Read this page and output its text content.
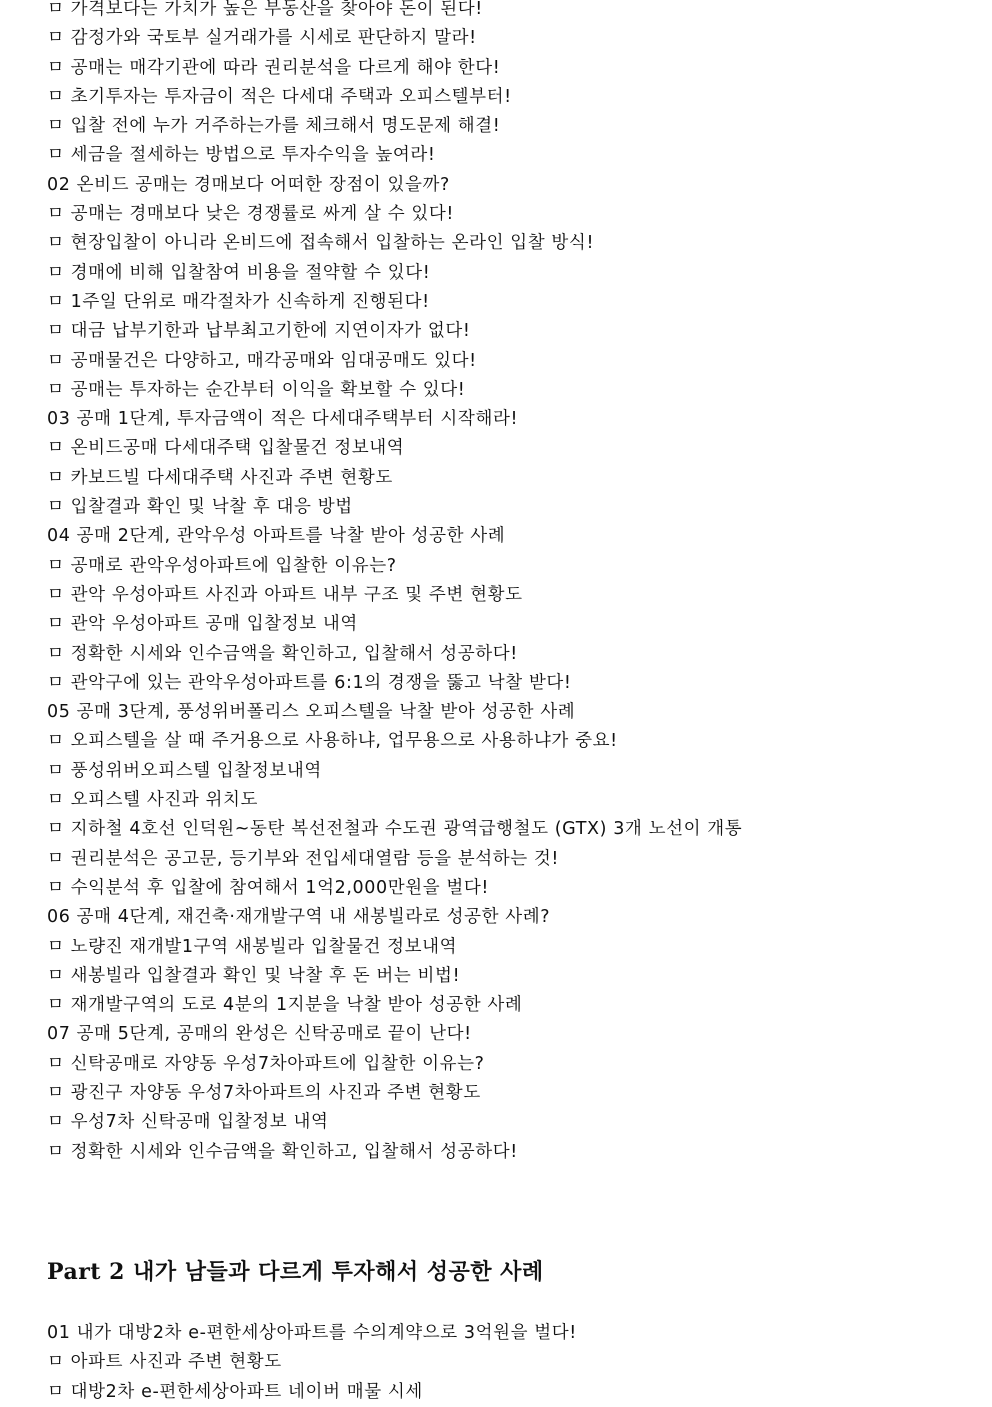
ㅁ 가격보다는 가치가 높은 부동산을 찾아야 돈이 된다!
ㅁ 감정가와 국토부 실거래가를 시세로 판단하지 말라!
ㅁ 공매는 매각기관에 따라 권리분석을 다르게 해야 한다!
ㅁ 초기투자는 투자금이 적은 다세대 주택과 오피스텔부터!
ㅁ 입찰 전에 누가 거주하는가를 체크해서 명도문제 해결!
ㅁ 세금을 절세하는 방법으로 투자수익을 높여라!
02 온비드 공매는 경매보다 어떠한 장점이 있을까?
ㅁ 공매는 경매보다 낮은 경쟁률로 싸게 살 수 있다!
ㅁ 현장입찰이 아니라 온비드에 접속해서 입찰하는 온라인 입찰 방식!
ㅁ 경매에 비해 입찰참여 비용을 절약할 수 있다!
ㅁ 1주일 단위로 매각절차가 신속하게 진행된다!
ㅁ 대금 납부기한과 납부최고기한에 지연이자가 없다!
ㅁ 공매물건은 다양하고, 매각공매와 임대공매도 있다!
ㅁ 공매는 투자하는 순간부터 이익을 확보할 수 있다!
03 공매 1단계, 투자금액이 적은 다세대주택부터 시작해라!
ㅁ 온비드공매 다세대주택 입찰물건 정보내역
ㅁ 카보드빌 다세대주택 사진과 주변 현황도
ㅁ 입찰결과 확인 및 낙찰 후 대응 방법
04 공매 2단계, 관악우성 아파트를 낙찰 받아 성공한 사례
ㅁ 공매로 관악우성아파트에 입찰한 이유는?
ㅁ 관악 우성아파트 사진과 아파트 내부 구조 및 주변 현황도
ㅁ 관악 우성아파트 공매 입찰정보 내역
ㅁ 정확한 시세와 인수금액을 확인하고, 입찰해서 성공하다!
ㅁ 관악구에 있는 관악우성아파트를 6:1의 경쟁을 뚫고 낙찰 받다!
05 공매 3단계, 풍성위버폴리스 오피스텔을 낙찰 받아 성공한 사례
ㅁ 오피스텔을 살 때 주거용으로 사용하냐, 업무용으로 사용하냐가 중요!
ㅁ 풍성위버오피스텔 입찰정보내역
ㅁ 오피스텔 사진과 위치도
ㅁ 지하철 4호선 인덕원~동탄 복선전철과 수도권 광역급행철도 (GTX) 3개 노선이 개통
ㅁ 권리분석은 공고문, 등기부와 전입세대열람 등을 분석하는 것!
ㅁ 수익분석 후 입찰에 참여해서 1억2,000만원을 벌다!
06 공매 4단계, 재건축·재개발구역 내 새봉빌라로 성공한 사례?
ㅁ 노량진 재개발1구역 새봉빌라 입찰물건 정보내역
ㅁ 새봉빌라 입찰결과 확인 및 낙찰 후 돈 버는 비법!
ㅁ 재개발구역의 도로 4분의 1지분을 낙찰 받아 성공한 사례
07 공매 5단계, 공매의 완성은 신탁공매로 끝이 난다!
ㅁ 신탁공매로 자양동 우성7차아파트에 입찰한 이유는?
ㅁ 광진구 자양동 우성7차아파트의 사진과 주변 현황도
ㅁ 우성7차 신탁공매 입찰정보 내역
ㅁ 정확한 시세와 인수금액을 확인하고, 입찰해서 성공하다!
Part 2 내가 남들과 다르게 투자해서 성공한 사례
01 내가 대방2차 e-편한세상아파트를 수의계약으로 3억원을 벌다!
ㅁ 아파트 사진과 주변 현황도
ㅁ 대방2차 e-편한세상아파트 네이버 매물 시세
